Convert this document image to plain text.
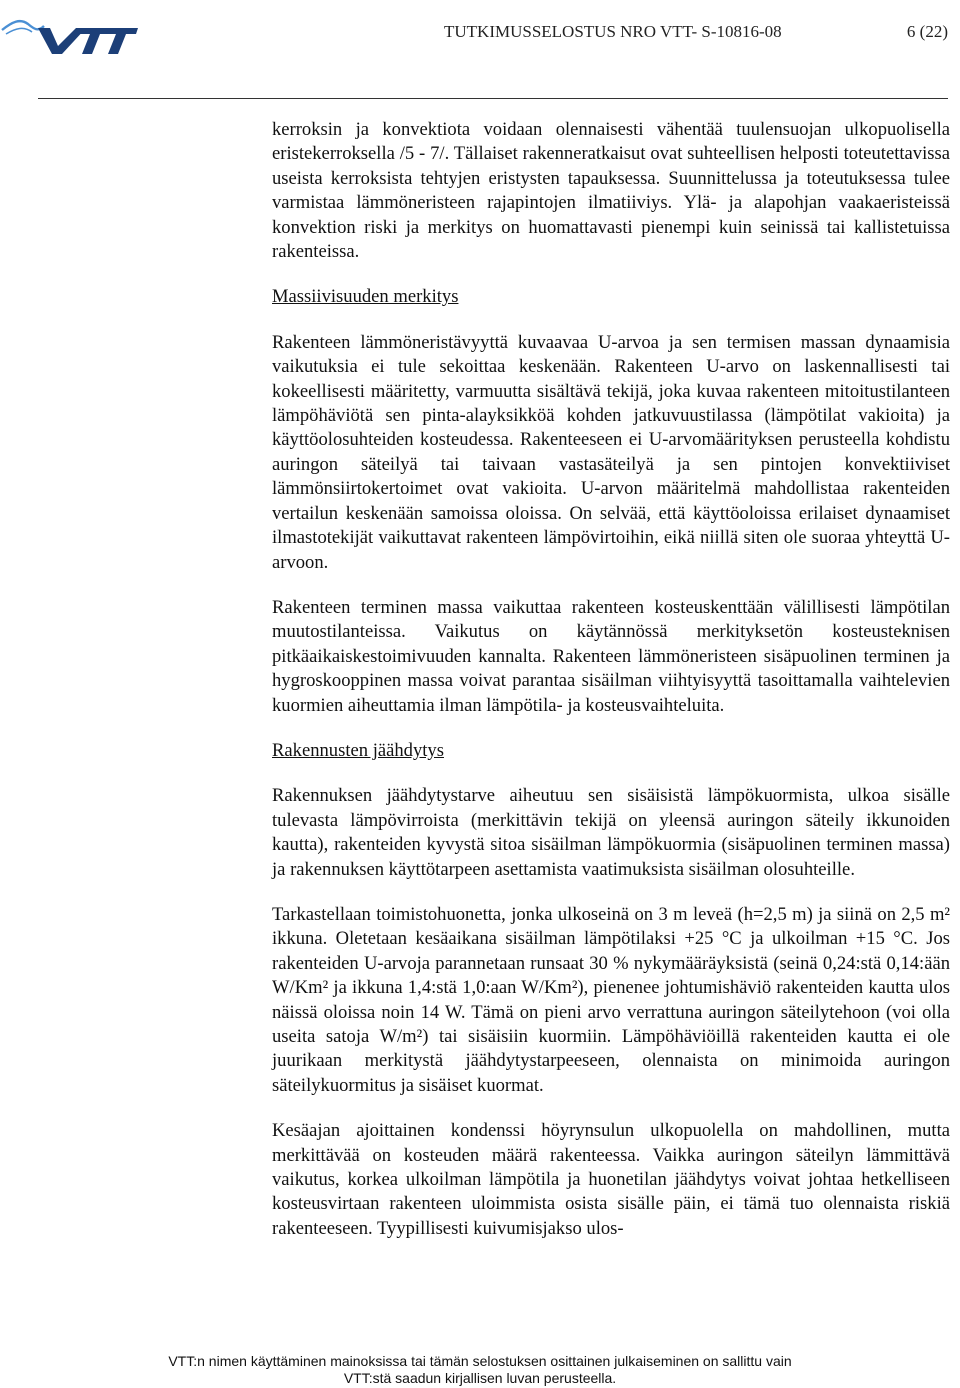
TUTKIMUSSELOSTUS NRO VTT- S-10816-08	6 (22)

kerroksin ja konvektiota voidaan olennaisesti vähentää tuulensuojan ulkopuolisella eristekerroksella /5 - 7/. Tällaiset rakenneratkaisut ovat suhteellisen helposti toteutettavissa useista kerroksista tehtyjen eristysten tapauksessa. Suunnittelussa ja toteutuksessa tulee varmistaa lämmöneristeen rajapintojen ilmatiiviys. Ylä- ja alapohjan vaakaeristeissä konvektion riski ja merkitys on huomattavasti pienempi kuin seinissä tai kallistetuissa rakenteissa.

Massiivisuuden merkitys

Rakenteen lämmöneristävyyttä kuvaavaa U-arvoa ja sen termisen massan dynaamisia vaikutuksia ei tule sekoittaa keskenään. Rakenteen U-arvo on laskennallisesti tai kokeellisesti määritetty, varmuutta sisältävä tekijä, joka kuvaa rakenteen mitoitustilanteen lämpöhäviötä sen pinta-alayksikköä kohden jatkuvuustilassa (lämpötilat vakioita) ja käyttöolosuhteiden kosteudessa. Rakenteeseen ei U-arvomäärityksen perusteella kohdistu auringon säteilyä tai taivaan vastasäteilyä ja sen pintojen konvektiiviset lämmönsiirtokertoimet ovat vakioita. U-arvon määritelmä mahdollistaa rakenteiden vertailun keskenään samoissa oloissa. On selvää, että käyttöoloissa erilaiset dynaamiset ilmastotekijät vaikuttavat rakenteen lämpövirtoihin, eikä niillä siten ole suoraa yhteyttä U-arvoon.

Rakenteen terminen massa vaikuttaa rakenteen kosteuskenttään välillisesti lämpötilan muutostilanteissa. Vaikutus on käytännössä merkityksetön kosteusteknisen pitkäaikaiskestoimivuuden kannalta. Rakenteen lämmöneristeen sisäpuolinen terminen ja hygroskooppinen massa voivat parantaa sisäilman viihtyisyyttä tasoittamalla vaihtelevien kuormien aiheuttamia ilman lämpötila- ja kosteusvaihteluita.

Rakennusten jäähdytys

Rakennuksen jäähdytystarve aiheutuu sen sisäisistä lämpökuormista, ulkoa sisälle tulevasta lämpövirroista (merkittävin tekijä on yleensä auringon säteily ikkunoiden kautta), rakenteiden kyvystä sitoa sisäilman lämpökuormia (sisäpuolinen terminen massa) ja rakennuksen käyttötarpeen asettamista vaatimuksista sisäilman olosuhteille.

Tarkastellaan toimistohuonetta, jonka ulkoseinä on 3 m leveä (h=2,5 m) ja siinä on 2,5 m² ikkuna. Oletetaan kesäaikana sisäilman lämpötilaksi +25 °C ja ulkoilman +15 °C. Jos rakenteiden U-arvoja parannetaan runsaat 30 % nykymääräyksistä (seinä 0,24:stä 0,14:ään W/Km² ja ikkuna 1,4:stä 1,0:aan W/Km²), pienenee johtumishäviö rakenteiden kautta ulos näissä oloissa noin 14 W. Tämä on pieni arvo verrattuna auringon säteilytehoon (voi olla useita satoja W/m²) tai sisäisiin kuormiin. Lämpöhäviöillä rakenteiden kautta ei ole juurikaan merkitystä jäähdytystarpeeseen, olennaista on minimoida auringon säteilykuormitus ja sisäiset kuormat.

Kesäajan ajoittainen kondenssi höyrynsulun ulkopuolella on mahdollinen, mutta merkittävää on kosteuden määrä rakenteessa. Vaikka auringon säteilyn lämmittävä vaikutus, korkea ulkoilman lämpötila ja huonetilan jäähdytys voivat johtaa hetkelliseen kosteusvirtaan rakenteen uloimmista osista sisälle päin, ei tämä tuo olennaista riskiä rakenteeseen. Tyypillisesti kuivumisjakso ulos-

VTT:n nimen käyttäminen mainoksissa tai tämän selostuksen osittainen julkaiseminen on sallittu vain
VTT:stä saadun kirjallisen luvan perusteella.
